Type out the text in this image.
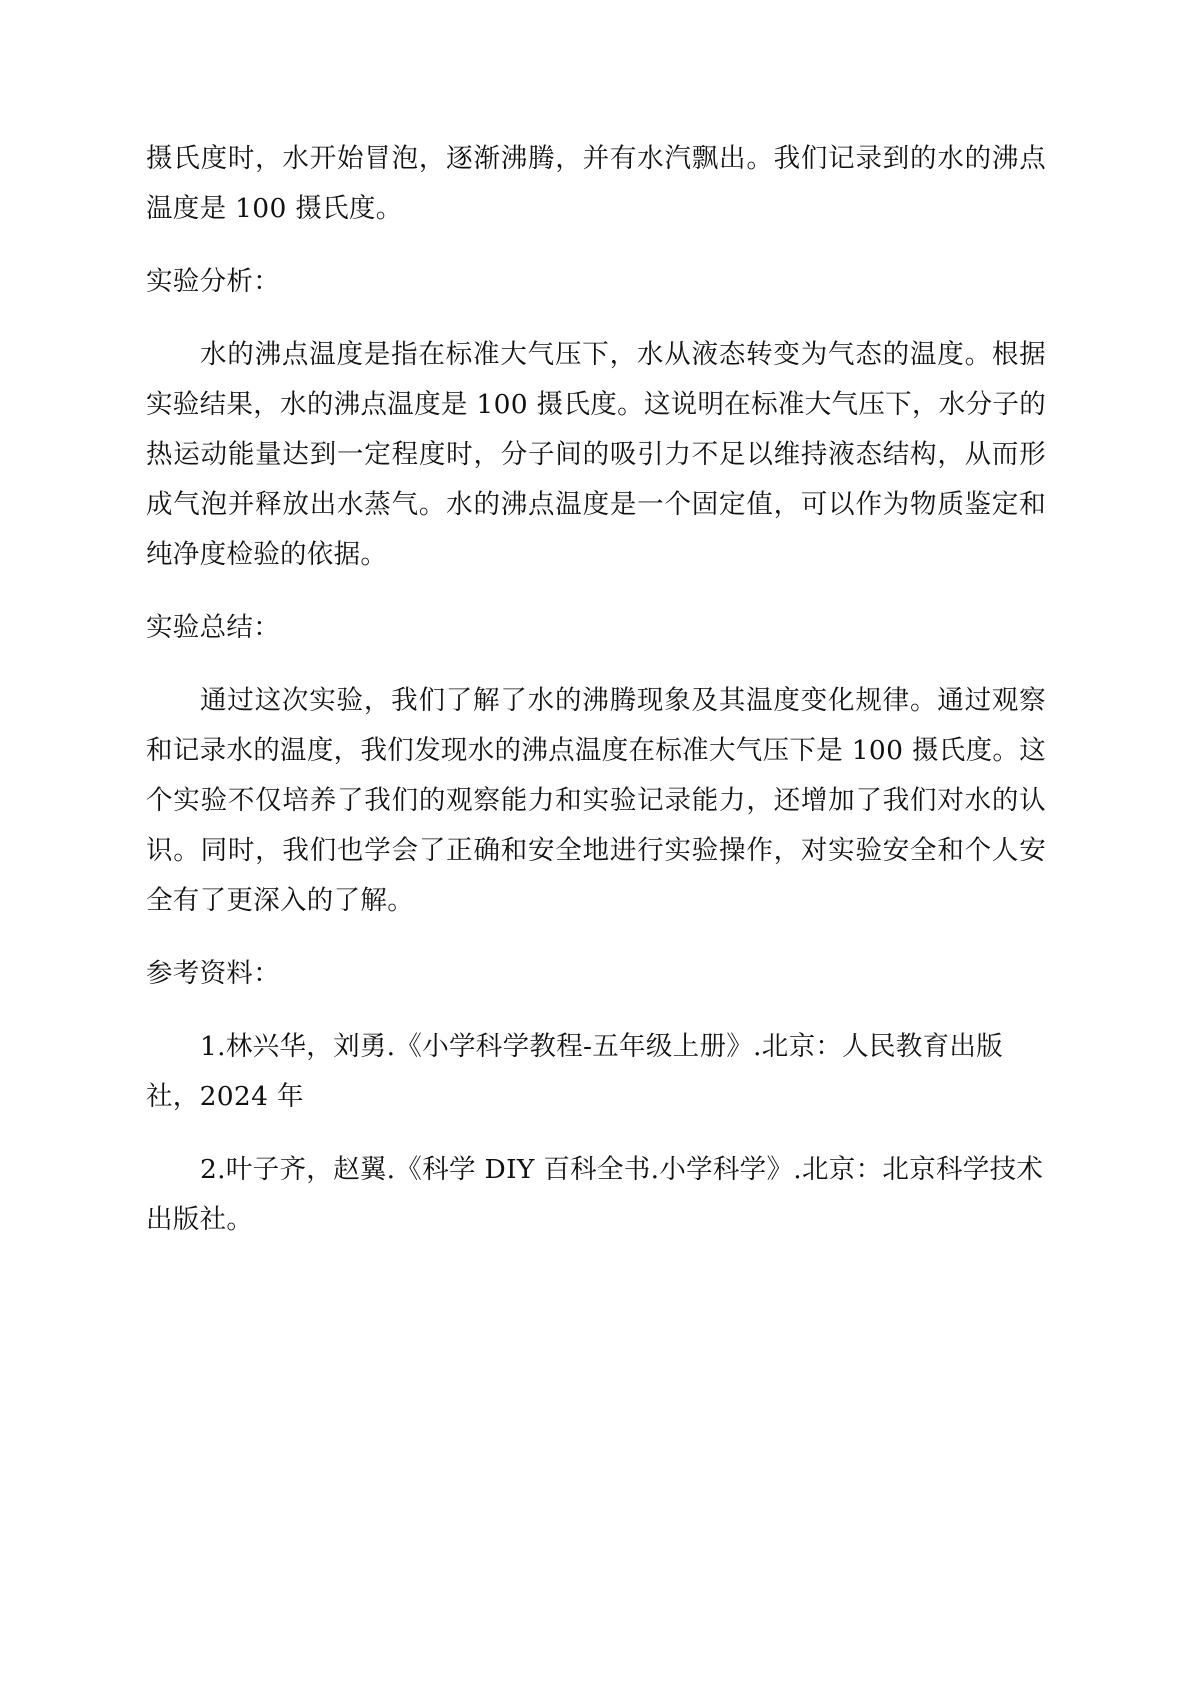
摄氏度时，水开始冒泡，逐渐沸腾，并有水汽飘出。我们记录到的水的沸点温度是 100 摄氏度。

实验分析：

水的沸点温度是指在标准大气压下，水从液态转变为气态的温度。根据实验结果，水的沸点温度是 100 摄氏度。这说明在标准大气压下，水分子的热运动能量达到一定程度时，分子间的吸引力不足以维持液态结构，从而形成气泡并释放出水蒸气。水的沸点温度是一个固定值，可以作为物质鉴定和纯净度检验的依据。

实验总结：

通过这次实验，我们了解了水的沸腾现象及其温度变化规律。通过观察和记录水的温度，我们发现水的沸点温度在标准大气压下是 100 摄氏度。这个实验不仅培养了我们的观察能力和实验记录能力，还增加了我们对水的认识。同时，我们也学会了正确和安全地进行实验操作，对实验安全和个人安全有了更深入的了解。

参考资料：

1.林兴华，刘勇.《小学科学教程-五年级上册》.北京：人民教育出版社，2024 年

2.叶子齐，赵翼.《科学 DIY 百科全书.小学科学》.北京：北京科学技术出版社。
